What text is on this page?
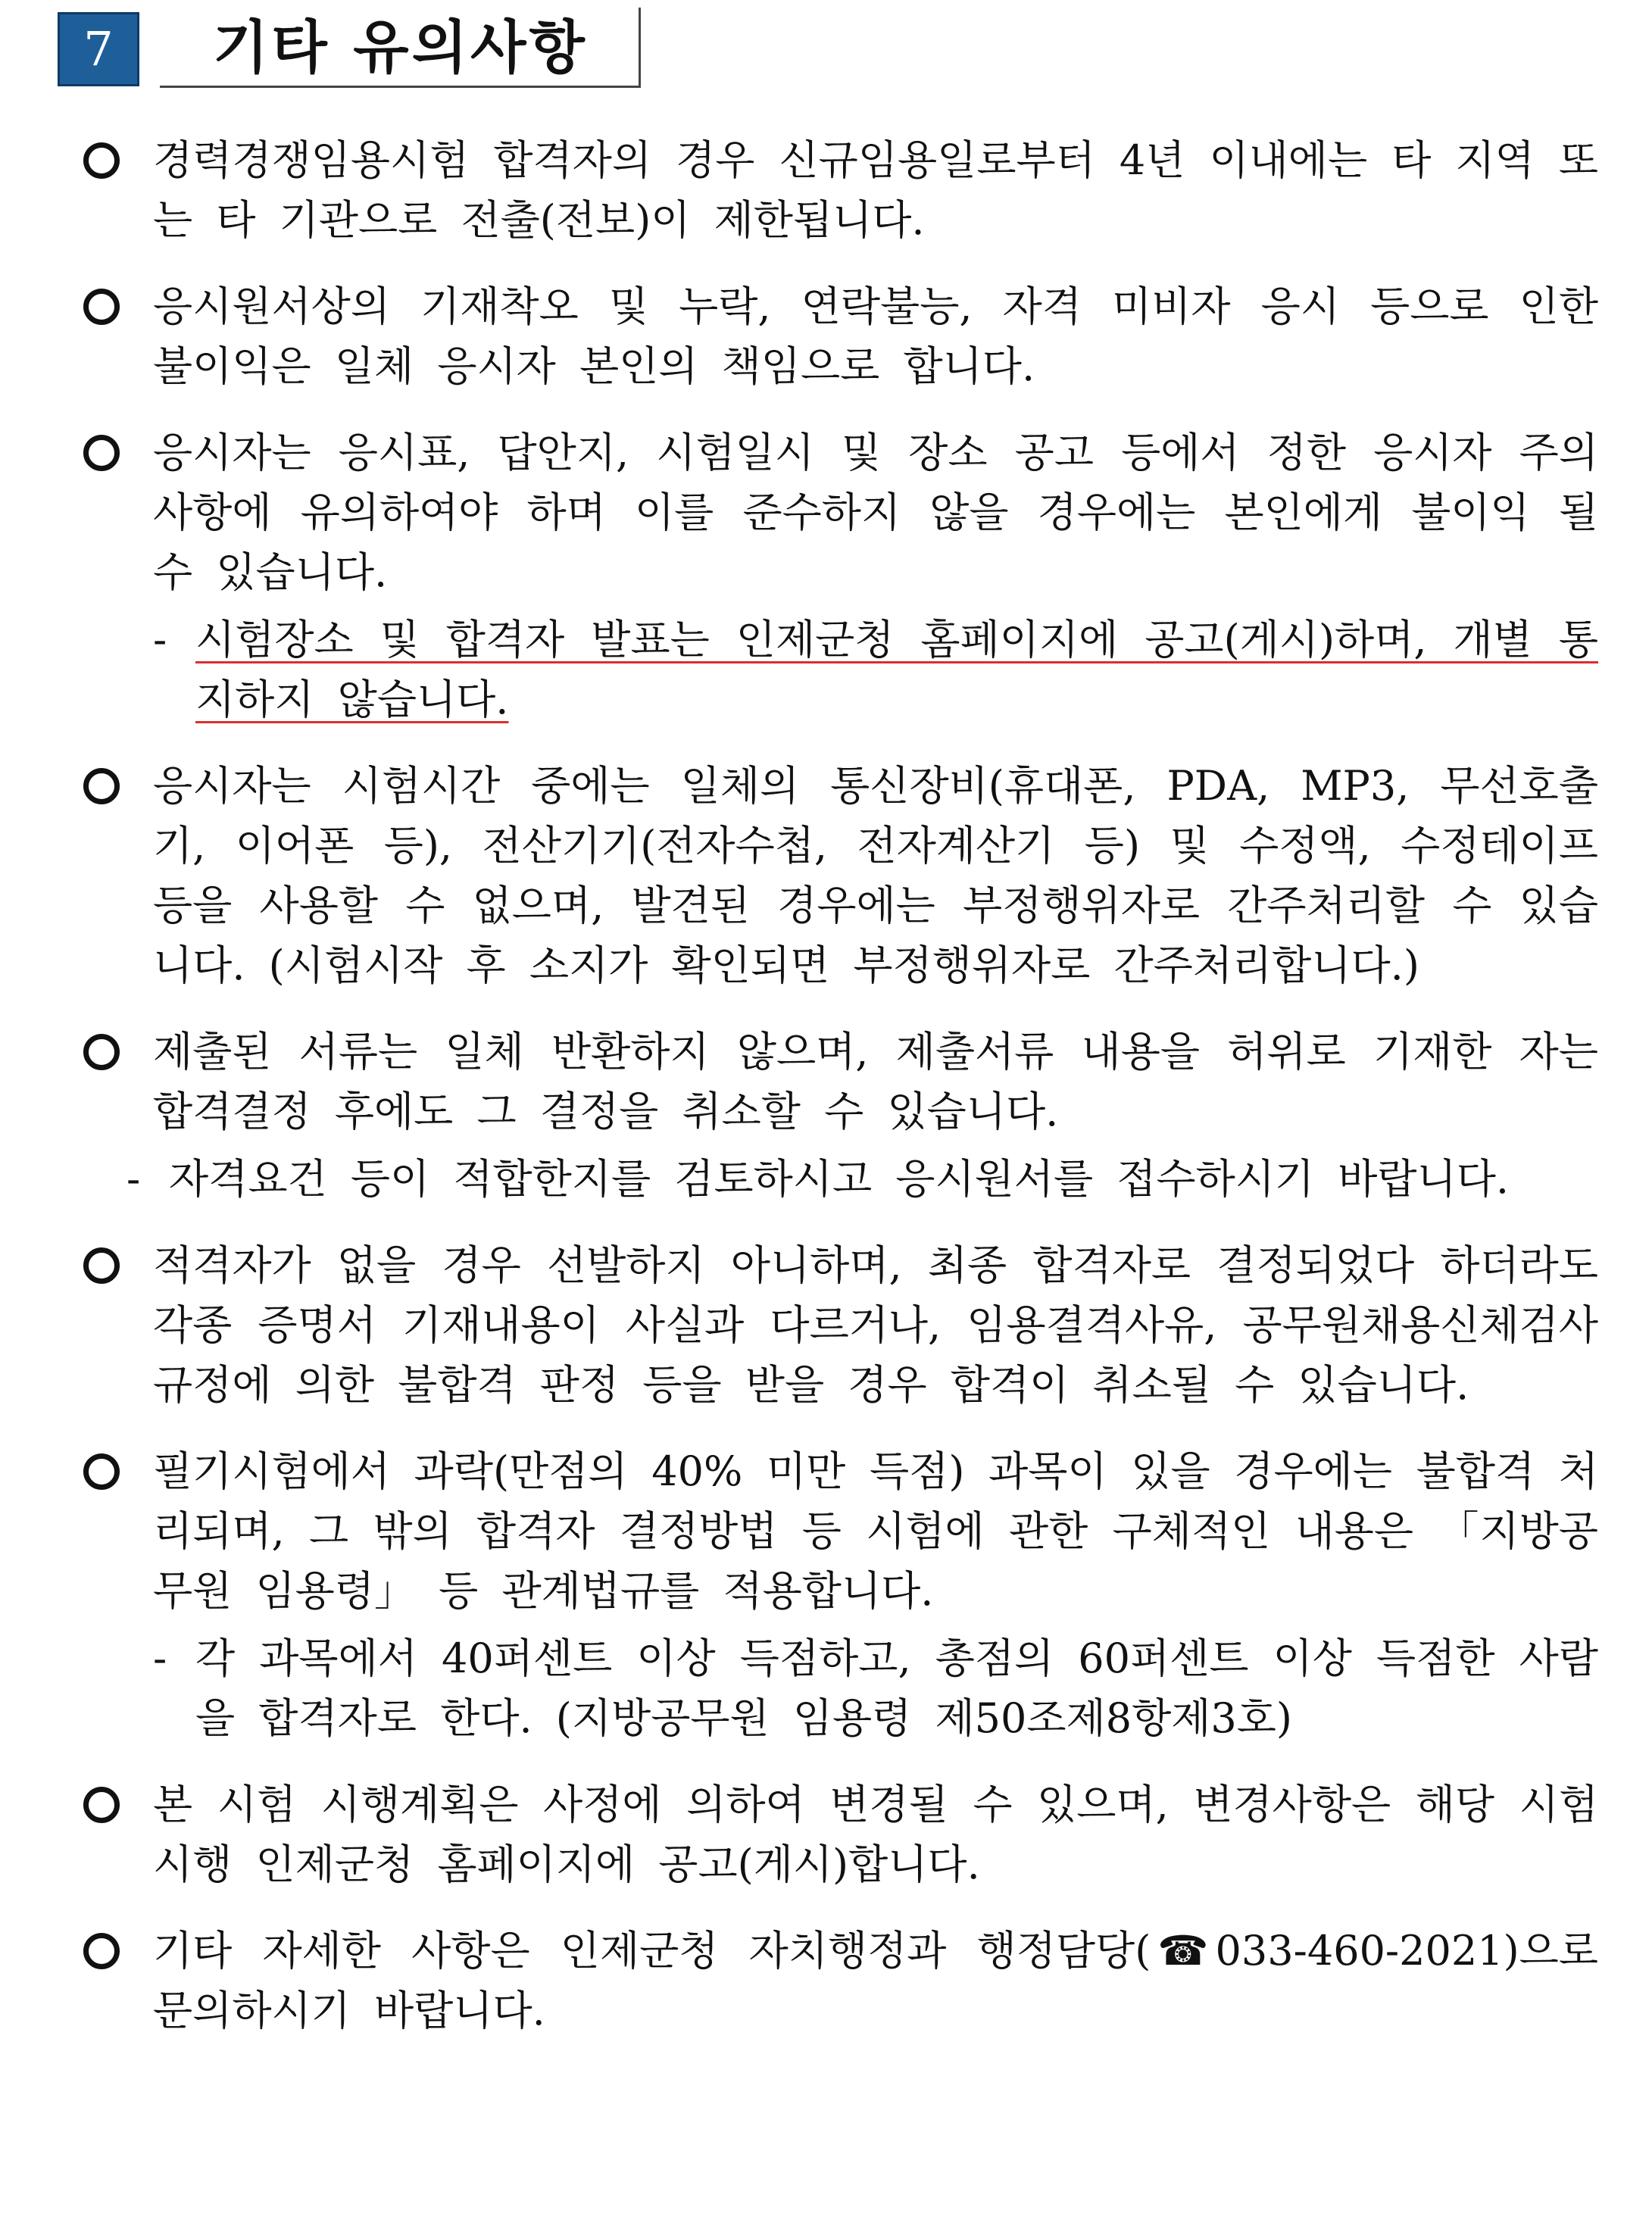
7	기타 유의사항
경력경쟁임용시험 합격자의 경우 신규임용일로부터 4년 이내에는 타 지역 또는 타 기관으로 전출(전보)이 제한됩니다.
응시원서상의 기재착오 및 누락, 연락불능, 자격 미비자 응시 등으로 인한 불이익은 일체 응시자 본인의 책임으로 합니다.
응시자는 응시표, 답안지, 시험일시 및 장소 공고 등에서 정한 응시자 주의사항에 유의하여야 하며 이를 준수하지 않을 경우에는 본인에게 불이익 될 수 있습니다.
- 시험장소 및 합격자 발표는 인제군청 홈페이지에 공고(게시)하며, 개별 통지하지 않습니다.
응시자는 시험시간 중에는 일체의 통신장비(휴대폰, PDA, MP3, 무선호출기, 이어폰 등), 전산기기(전자수첩, 전자계산기 등) 및 수정액, 수정테이프 등을 사용할 수 없으며, 발견된 경우에는 부정행위자로 간주처리할 수 있습니다. (시험시작 후 소지가 확인되면 부정행위자로 간주처리합니다.)
제출된 서류는 일체 반환하지 않으며, 제출서류 내용을 허위로 기재한 자는 합격결정 후에도 그 결정을 취소할 수 있습니다.
- 자격요건 등이 적합한지를 검토하시고 응시원서를 접수하시기 바랍니다.
적격자가 없을 경우 선발하지 아니하며, 최종 합격자로 결정되었다 하더라도 각종 증명서 기재내용이 사실과 다르거나, 임용결격사유, 공무원채용신체검사규정에 의한 불합격 판정 등을 받을 경우 합격이 취소될 수 있습니다.
필기시험에서 과락(만점의 40% 미만 득점) 과목이 있을 경우에는 불합격 처리되며, 그 밖의 합격자 결정방법 등 시험에 관한 구체적인 내용은 「지방공무원 임용령」 등 관계법규를 적용합니다.
- 각 과목에서 40퍼센트 이상 득점하고, 총점의 60퍼센트 이상 득점한 사람을 합격자로 한다. (지방공무원 임용령 제50조제8항제3호)
본 시험 시행계획은 사정에 의하여 변경될 수 있으며, 변경사항은 해당 시험 시행 인제군청 홈페이지에 공고(게시)합니다.
기타 자세한 사항은 인제군청 자치행정과 행정담당(☎033-460-2021)으로 문의하시기 바랍니다.
